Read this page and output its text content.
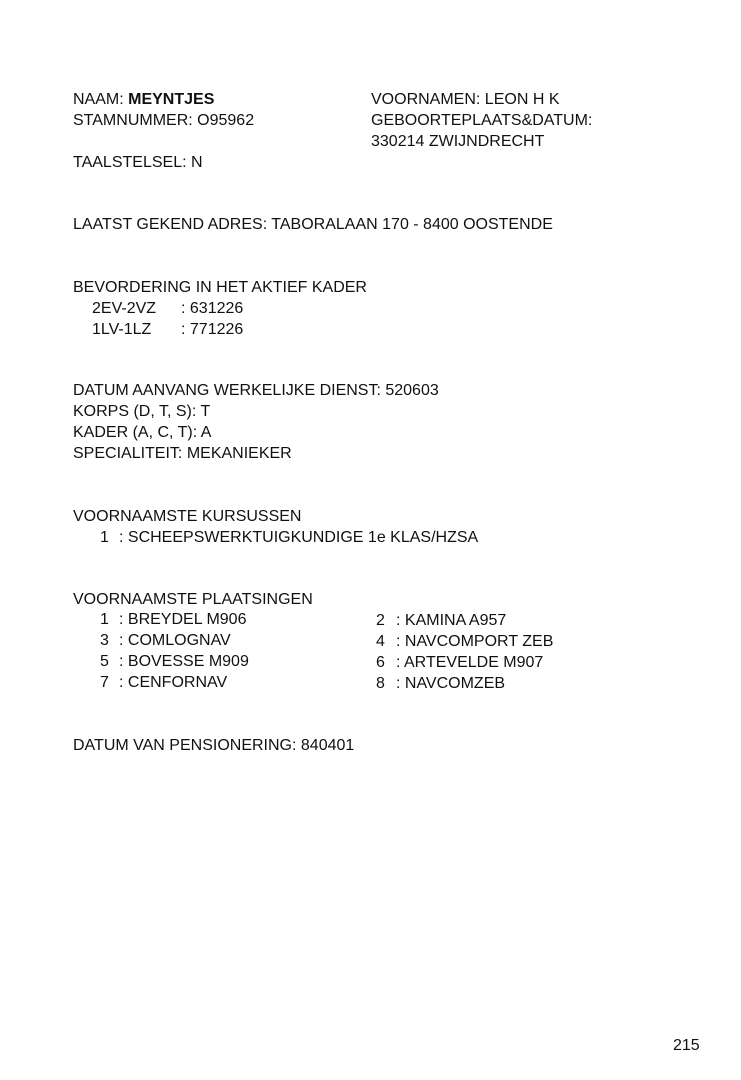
NAAM: MEYNTJES
STAMNUMMER: O95962
TAALSTELSEL: N
VOORNAMEN: LEON H K
GEBOORTEPLAATS&DATUM:
330214 ZWIJNDRECHT
LAATST GEKEND ADRES: TABORALAAN 170 - 8400 OOSTENDE
BEVORDERING IN HET AKTIEF KADER
2EV-2VZ : 631226
1LV-1LZ : 771226
DATUM AANVANG WERKELIJKE DIENST: 520603
KORPS (D, T, S): T
KADER (A, C, T): A
SPECIALITEIT: MEKANIEKER
VOORNAAMSTE KURSUSSEN
1 : SCHEEPSWERKTUIGKUNDIGE 1e KLAS/HZSA
VOORNAAMSTE PLAATSINGEN
1 : BREYDEL M906	2 : KAMINA A957
3 : COMLOGNAV	4 : NAVCOMPORT ZEB
5 : BOVESSE M909	6 : ARTEVELDE M907
7 : CENFORNAV	8 : NAVCOMZEB
DATUM VAN PENSIONERING: 840401
215
